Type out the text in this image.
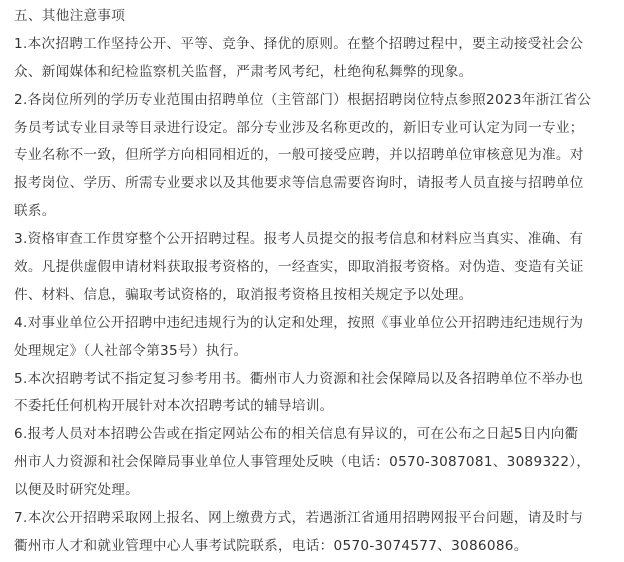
五、其他注意事项
1.本次招聘工作坚持公开、平等、竞争、择优的原则。在整个招聘过程中，要主动接受社会公
众、新闻媒体和纪检监察机关监督，严肃考风考纪，杜绝徇私舞弊的现象。
2.各岗位所列的学历专业范围由招聘单位（主管部门）根据招聘岗位特点参照2023年浙江省公
务员考试专业目录等目录进行设定。部分专业涉及名称更改的，新旧专业可认定为同一专业；
专业名称不一致，但所学方向相同相近的，一般可接受应聘，并以招聘单位审核意见为准。对
报考岗位、学历、所需专业要求以及其他要求等信息需要咨询时，请报考人员直接与招聘单位
联系。
3.资格审查工作贯穿整个公开招聘过程。报考人员提交的报考信息和材料应当真实、准确、有
效。凡提供虚假申请材料获取报考资格的，一经查实，即取消报考资格。对伪造、变造有关证
件、材料、信息，骗取考试资格的，取消报考资格且按相关规定予以处理。
4.对事业单位公开招聘中违纪违规行为的认定和处理，按照《事业单位公开招聘违纪违规行为
处理规定》（人社部令第35号）执行。
5.本次招聘考试不指定复习参考用书。衢州市人力资源和社会保障局以及各招聘单位不举办也
不委托任何机构开展针对本次招聘考试的辅导培训。
6.报考人员对本招聘公告或在指定网站公布的相关信息有异议的，可在公布之日起5日内向衢
州市人力资源和社会保障局事业单位人事管理处反映（电话：0570-3087081、3089322），
以便及时研究处理。
7.本次公开招聘采取网上报名、网上缴费方式，若遇浙江省通用招聘网报平台问题，请及时与
衢州市人才和就业管理中心人事考试院联系，电话：0570-3074577、3086086。
